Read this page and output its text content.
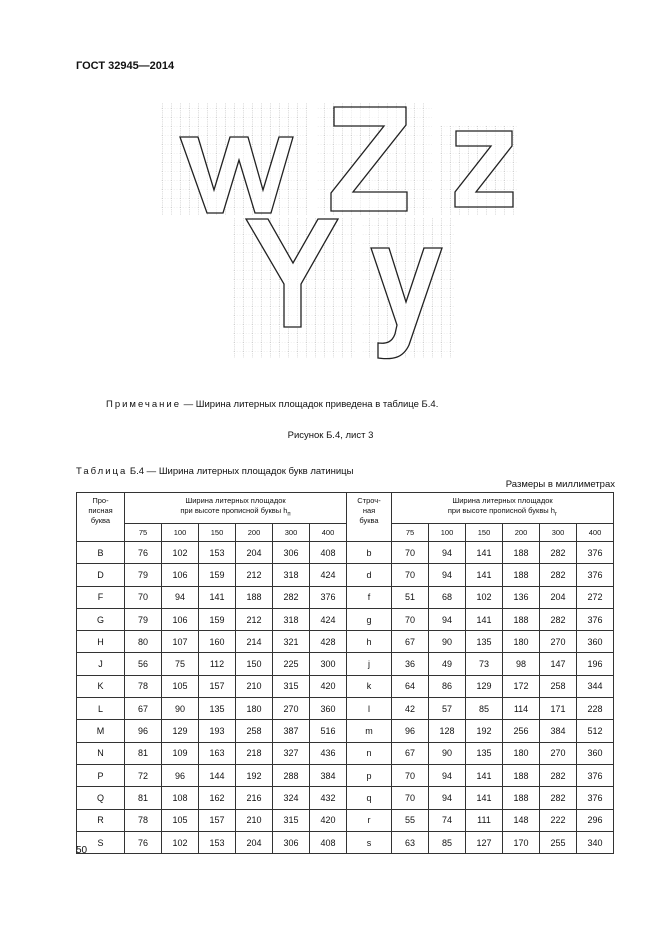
ГОСТ 32945—2014
Примечание — Ширина литерных площадок приведена в таблице Б.4.
Рисунок Б.4, лист 3
Таблица Б.4 — Ширина литерных площадок букв латиницы
Размеры в миллиметрах
Про-
писная
буква	Ширина литерных площадок
при высоте прописной буквы $h_п$						Строч-
ная
буква	Ширина литерных площадок
при высоте прописной буквы $h_г$
	75	100	150	200	300	400		75	100	150	200	300	400
B	76	102	153	204	306	408	b	70	94	141	188	282	376
D	79	106	159	212	318	424	d	70	94	141	188	282	376
F	70	94	141	188	282	376	f	51	68	102	136	204	272
G	79	106	159	212	318	424	g	70	94	141	188	282	376
H	80	107	160	214	321	428	h	67	90	135	180	270	360
J	56	75	112	150	225	300	j	36	49	73	98	147	196
K	78	105	157	210	315	420	k	64	86	129	172	258	344
L	67	90	135	180	270	360	l	42	57	85	114	171	228
M	96	129	193	258	387	516	m	96	128	192	256	384	512
N	81	109	163	218	327	436	n	67	90	135	180	270	360
P	72	96	144	192	288	384	p	70	94	141	188	282	376
Q	81	108	162	216	324	432	q	70	94	141	188	282	376
R	78	105	157	210	315	420	r	55	74	111	148	222	296
S	76	102	153	204	306	408	s	63	85	127	170	255	340
50
